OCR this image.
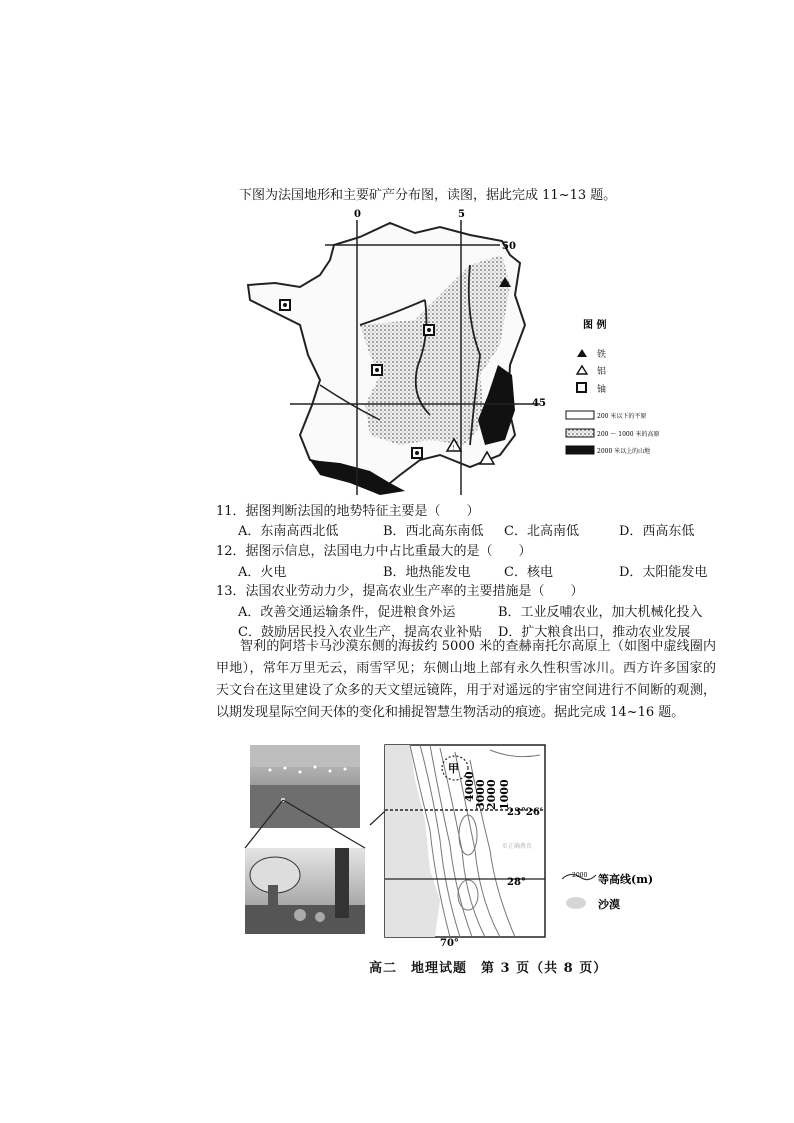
下图为法国地形和主要矿产分布图，读图，据此完成 11~13 题。
0	5
50
45
!
图 例
铁
铝
铀
200 米以下的平原
200 ～ 1000 米的高原
2000 米以上的山地
11．据图判断法国的地势特征主要是（　　）
A．东南高西北低	B．西北高东南低 C．北高南低	D．西高东低
12．据图示信息，法国电力中占比重最大的是（　　）
A．火电	B．地热能发电	C．核电	D．太阳能发电
13．法国农业劳动力少，提高农业生产率的主要措施是（　　）
A．改善交通运输条件，促进粮食外运	B．工业反哺农业，加大机械化投入
C．鼓励居民投入农业生产，提高农业补贴 D．扩大粮食出口，推动农业发展

智利的阿塔卡马沙漠东侧的海拔约 5000 米的查赫南托尔高原上（如图中虚线圈内甲地），常年万里无云，雨雪罕见；东侧山地上部有永久性积雪冰川。西方许多国家的天文台在这里建设了众多的天文望远镜阵，用于对遥远的宇宙空间进行不间断的观测，以期发现星际空间天体的变化和捕捉智慧生物活动的痕迹。据此完成 14~16 题。

甲
4000
3000
2000 1000
23°26′
28°
70°
©正确教育
2000 等高线(m)
沙漠
高二　地理试题　第 3 页（共 8 页）
